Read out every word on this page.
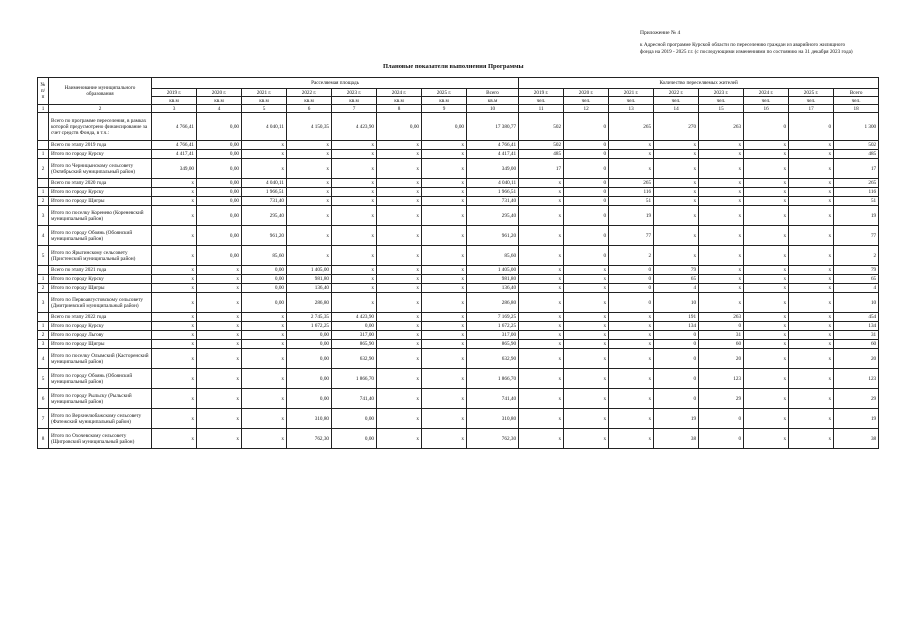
Приложение № 4
к Адресной программе Курской области по переселению граждан из аварийного жилищного фонда на 2019 - 2025 г.г. (с последующими изменениями по состоянию на 31 декабря 2023 года)
Плановые показатели выполнения Программы
№ п/п	Наименование муниципального образования	Расселяемая площадь								Количество переселяемых жителей							
		2019 г.	2020 г.	2021 г.	2022 г.	2023 г.	2024 г.	2025 г.	Всего	2019 г.	2020 г.	2021 г.	2022 г.	2023 г.	2024 г.	2025 г.	Всего
		кв.м	кв.м	кв.м	кв.м	кв.м	кв.м	кв.м	кв.м	чел.	чел.	чел.	чел.	чел.	чел.	чел.	чел.
1	2	3	4	5	6	7	8	9	10	11	12	13	14	15	16	17	18
	Всего по программе переселения, в рамках которой предусмотрено финансирование за счет средств Фонда, в т.ч.:	4 766,41	0,00	4 040,11	4 150,35	4 423,90	0,00	0,00	17 380,77	502	0	265	270	263	0	0	1 300
	Всего по этапу 2019 года	4 766,41	0,00	x	x	x	x	x	4 766,41	502	0	x	x	x	x	x	502
1	Итого по городу Курску	4 417,41	0,00	x	x	x	x	x	4 417,41	485	0	x	x	x	x	x	485
2	Итого по Черницынскому сельсовету (Октябрьский муниципальный район)	349,00	0,00	x	x	x	x	x	349,00	17	0	x	x	x	x	x	17
	Всего по этапу 2020 года	x	0,00	4 040,11	x	x	x	x	4 040,11	x	0	265	x	x	x	x	265
1	Итого по городу Курску	x	0,00	1 966,51	x	x	x	x	1 966,51	x	0	116	x	x	x	x	116
2	Итого по городу Щигры	x	0,00	731,40	x	x	x	x	731,40	x	0	51	x	x	x	x	51
3	Итого по поселку Коренево (Кореневский муниципальный район)	x	0,00	295,40	x	x	x	x	295,40	x	0	19	x	x	x	x	19
4	Итого по городу Обоянь (Обоянский муниципальный район)	x	0,00	961,20	x	x	x	x	961,20	x	0	77	x	x	x	x	77
5	Итого по Ярыгинскому сельсовету (Пристенский муниципальный район)	x	0,00	85,60	x	x	x	x	85,60	x	0	2	x	x	x	x	2
	Всего по этапу 2021 года	x	x	0,00	1 405,00	x	x	x	1 405,00	x	x	0	79	x	x	x	79
1	Итого по городу Курску	x	x	0,00	981,80	x	x	x	981,80	x	x	0	65	x	x	x	65
2	Итого по городу Щигры	x	x	0,00	136,40	x	x	x	136,40	x	x	0	4	x	x	x	4
3	Итого по Первоавгустовскому сельсовету (Дмитриевский муниципальный район)	x	x	0,00	286,80	x	x	x	286,80	x	x	0	10	x	x	x	10
	Всего по этапу 2022 года	x	x	x	2 745,35	4 423,90	x	x	7 169,25	x	x	x	191	263	x	x	454
1	Итого по городу Курску	x	x	x	1 672,25	0,00	x	x	1 672,25	x	x	x	134	0	x	x	134
2	Итого по городу Льгову	x	x	x	0,00	317,00	x	x	317,00	x	x	x	0	31	x	x	31
3	Итого по городу Щигры	x	x	x	0,00	865,90	x	x	865,90	x	x	x	0	60	x	x	60
4	Итого по поселку Олымский (Касторенский муниципальный район)	x	x	x	0,00	632,90	x	x	632,90	x	x	x	0	20	x	x	20
5	Итого по городу Обоянь (Обоянский муниципальный район)	x	x	x	0,00	1 866,70	x	x	1 866,70	x	x	x	0	123	x	x	123
6	Итого по городу Рыльску (Рыльский муниципальный район)	x	x	x	0,00	741,40	x	x	741,40	x	x	x	0	29	x	x	29
7	Итого по Верхнелюбажскому сельсовету (Фатежский муниципальный район)	x	x	x	310,80	0,00	x	x	310,80	x	x	x	19	0	x	x	19
8	Итого по Охочевскому сельсовету (Щигровский муниципальный район)	x	x	x	762,30	0,00	x	x	762,30	x	x	x	38	0	x	x	38
